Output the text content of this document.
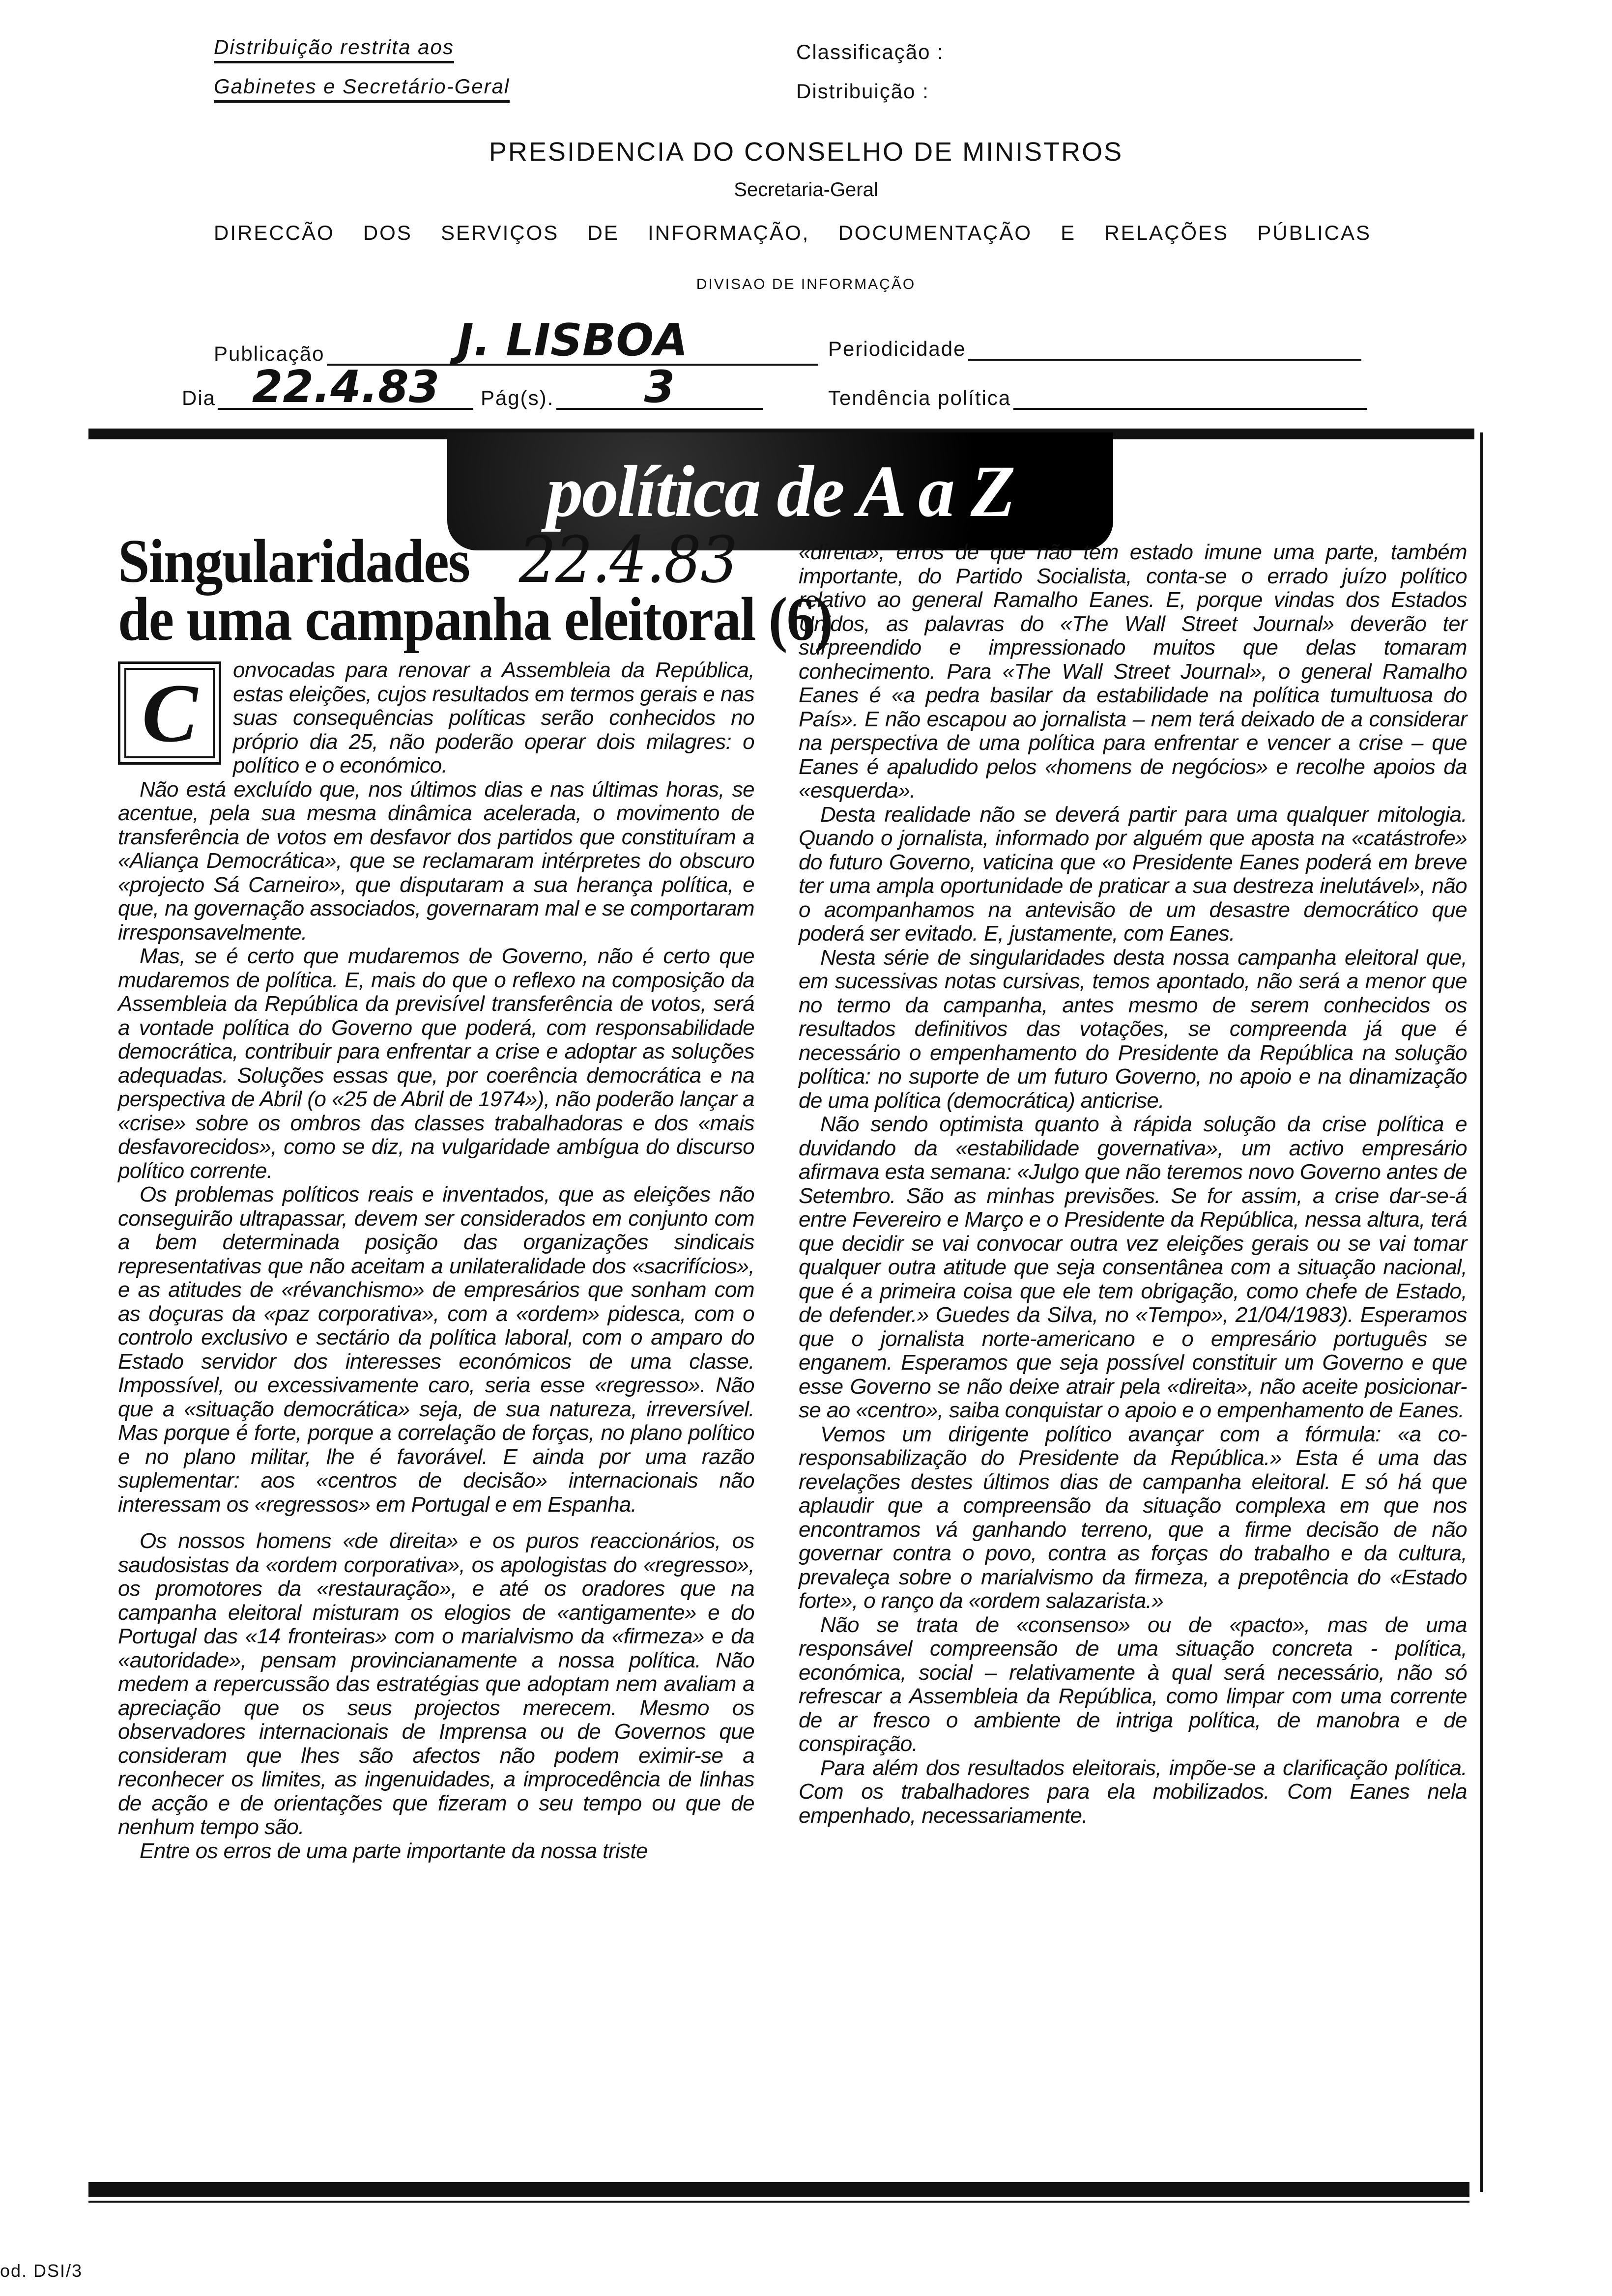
Distribuição restrita aos
Gabinetes e Secretário-Geral
Classificação :
Distribuição :
PRESIDENCIA DO CONSELHO DE MINISTROS
Secretaria-Geral
DIRECCÃO DOS SERVIÇOS DE INFORMAÇÃO, DOCUMENTAÇÃO E RELAÇÕES PÚBLICAS
DIVISAO DE INFORMAÇÃO
Publicação	J. LISBOA	Periodicidade
Dia 22.4.83 Pág(s). 3	Tendência política
política de A a Z
Singularidades 22.4.83
de uma campanha eleitoral (6)

C	onvocadas para renovar a Assembleia da República, estas eleições, cujos resultados em termos gerais e nas suas consequências políticas serão conhecidos no próprio dia 25, não poderão operar dois milagres: o político e o económico.

Não está excluído que, nos últimos dias e nas últimas horas, se acentue, pela sua mesma dinâmica acelerada, o movimento de transferência de votos em desfavor dos partidos que constituíram a «Aliança Democrática», que se reclamaram intérpretes do obscuro «projecto Sá Carneiro», que disputaram a sua herança política, e que, na governação associados, governaram mal e se comportaram irresponsavelmente.

Mas, se é certo que mudaremos de Governo, não é certo que mudaremos de política. E, mais do que o reflexo na composição da Assembleia da República da previsível transferência de votos, será a vontade política do Governo que poderá, com responsabilidade democrática, contribuir para enfrentar a crise e adoptar as soluções adequadas. Soluções essas que, por coerência democrática e na perspectiva de Abril (o «25 de Abril de 1974»), não poderão lançar a «crise» sobre os ombros das classes trabalhadoras e dos «mais desfavorecidos», como se diz, na vulgaridade ambígua do discurso político corrente.

Os problemas políticos reais e inventados, que as eleições não conseguirão ultrapassar, devem ser considerados em conjunto com a bem determinada posição das organizações sindicais representativas que não aceitam a unilateralidade dos «sacrifícios», e as atitudes de «révanchismo» de empresários que sonham com as doçuras da «paz corporativa», com a «ordem» pidesca, com o controlo exclusivo e sectário da política laboral, com o amparo do Estado servidor dos interesses económicos de uma classe. Impossível, ou excessivamente caro, seria esse «regresso». Não que a «situação democrática» seja, de sua natureza, irreversível. Mas porque é forte, porque a correlação de forças, no plano político e no plano militar, lhe é favorável. E ainda por uma razão suplementar: aos «centros de decisão» internacionais não interessam os «regressos» em Portugal e em Espanha.

Os nossos homens «de direita» e os puros reaccionários, os saudosistas da «ordem corporativa», os apologistas do «regresso», os promotores da «restauração», e até os oradores que na campanha eleitoral misturam os elogios de «antigamente» e do Portugal das «14 fronteiras» com o marialvismo da «firmeza» e da «autoridade», pensam provincianamente a nossa política. Não medem a repercussão das estratégias que adoptam nem avaliam a apreciação que os seus projectos merecem. Mesmo os observadores internacionais de Imprensa ou de Governos que consideram que lhes são afectos não podem eximir-se a reconhecer os limites, as ingenuidades, a improcedência de linhas de acção e de orientações que fizeram o seu tempo ou que de nenhum tempo são.

Entre os erros de uma parte importante da nossa triste

«direita», erros de que não tem estado imune uma parte, também importante, do Partido Socialista, conta-se o errado juízo político relativo ao general Ramalho Eanes. E, porque vindas dos Estados Unidos, as palavras do «The Wall Street Journal» deverão ter surpreendido e impressionado muitos que delas tomaram conhecimento. Para «The Wall Street Journal», o general Ramalho Eanes é «a pedra basilar da estabilidade na política tumultuosa do País». E não escapou ao jornalista – nem terá deixado de a considerar na perspectiva de uma política para enfrentar e vencer a crise – que Eanes é apaludido pelos «homens de negócios» e recolhe apoios da «esquerda».

Desta realidade não se deverá partir para uma qualquer mitologia. Quando o jornalista, informado por alguém que aposta na «catástrofe» do futuro Governo, vaticina que «o Presidente Eanes poderá em breve ter uma ampla oportunidade de praticar a sua destreza inelutável», não o acompanhamos na antevisão de um desastre democrático que poderá ser evitado. E, justamente, com Eanes.

Nesta série de singularidades desta nossa campanha eleitoral que, em sucessivas notas cursivas, temos apontado, não será a menor que no termo da campanha, antes mesmo de serem conhecidos os resultados definitivos das votações, se compreenda já que é necessário o empenhamento do Presidente da República na solução política: no suporte de um futuro Governo, no apoio e na dinamização de uma política (democrática) anticrise.

Não sendo optimista quanto à rápida solução da crise política e duvidando da «estabilidade governativa», um activo empresário afirmava esta semana: «Julgo que não teremos novo Governo antes de Setembro. São as minhas previsões. Se for assim, a crise dar-se-á entre Fevereiro e Março e o Presidente da República, nessa altura, terá que decidir se vai convocar outra vez eleições gerais ou se vai tomar qualquer outra atitude que seja consentânea com a situação nacional, que é a primeira coisa que ele tem obrigação, como chefe de Estado, de defender.» Guedes da Silva, no «Tempo», 21/04/1983). Esperamos que o jornalista norte-americano e o empresário português se enganem. Esperamos que seja possível constituir um Governo e que esse Governo se não deixe atrair pela «direita», não aceite posicionar-se ao «centro», saiba conquistar o apoio e o empenhamento de Eanes.

Vemos um dirigente político avançar com a fórmula: «a co-responsabilização do Presidente da República.» Esta é uma das revelações destes últimos dias de campanha eleitoral. E só há que aplaudir que a compreensão da situação complexa em que nos encontramos vá ganhando terreno, que a firme decisão de não governar contra o povo, contra as forças do trabalho e da cultura, prevaleça sobre o marialvismo da firmeza, a prepotência do «Estado forte», o ranço da «ordem salazarista.»

Não se trata de «consenso» ou de «pacto», mas de uma responsável compreensão de uma situação concreta - política, económica, social – relativamente à qual será necessário, não só refrescar a Assembleia da República, como limpar com uma corrente de ar fresco o ambiente de intriga política, de manobra e de conspiração.

Para além dos resultados eleitorais, impõe-se a clarificação política. Com os trabalhadores para ela mobilizados. Com Eanes nela empenhado, necessariamente.

od. DSI/3
